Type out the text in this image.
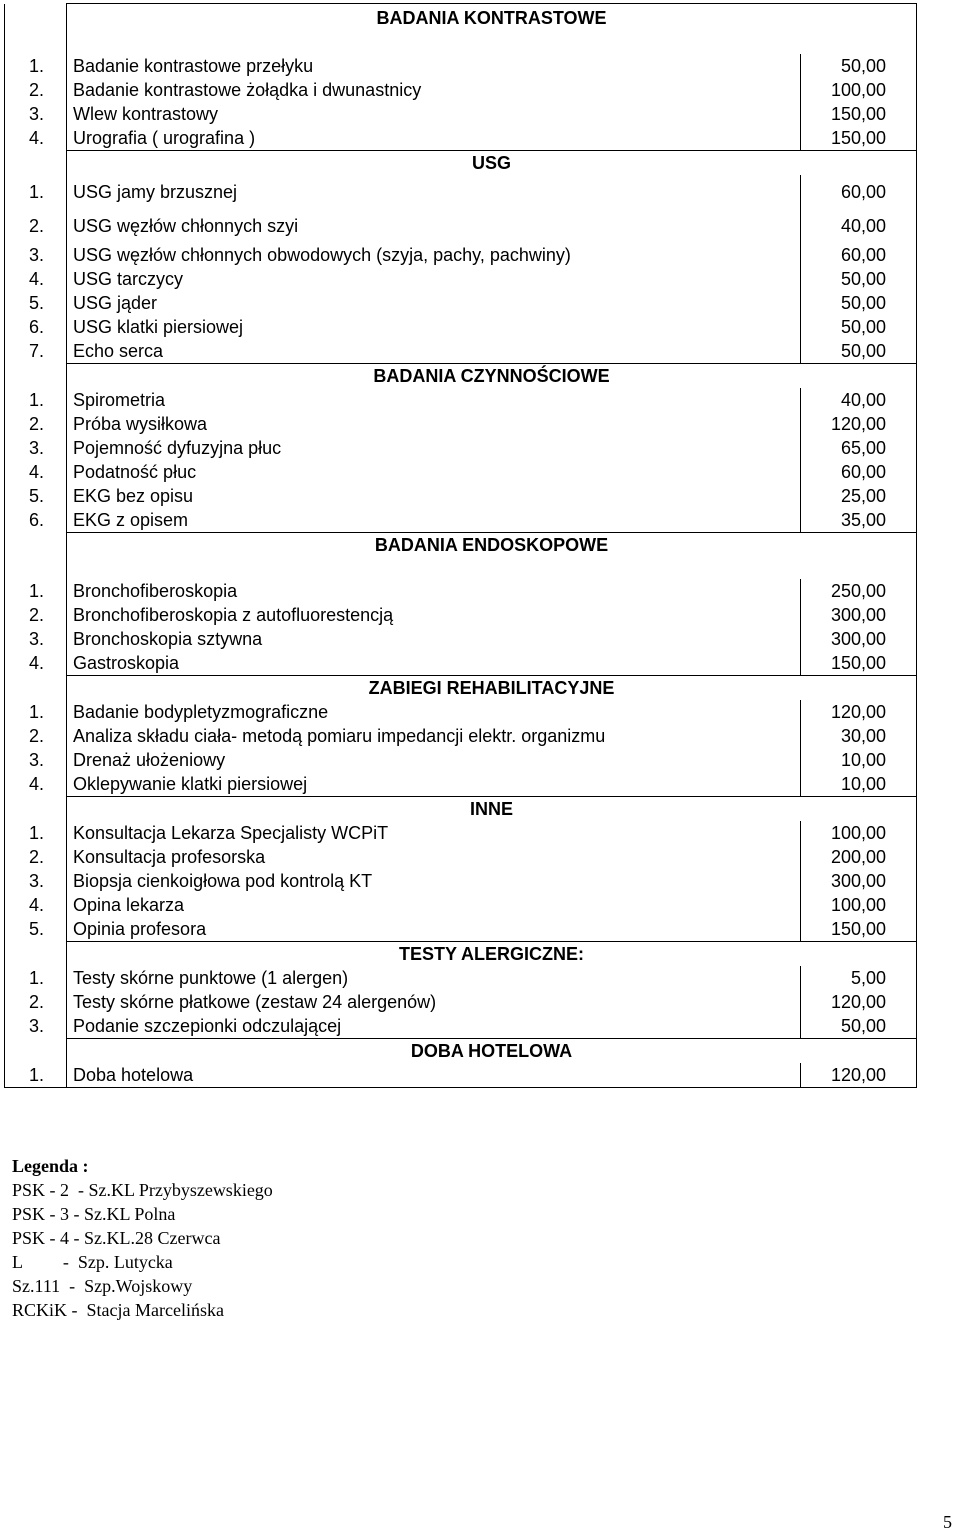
	BADANIA KONTRASTOWE	
1.	Badanie kontrastowe przełyku	50,00
2.	Badanie kontrastowe żołądka i dwunastnicy	100,00
3.	Wlew kontrastowy	150,00
4.	Urografia ( urografina )	150,00
	USG	
1.	USG jamy brzusznej	60,00
2.	USG węzłów chłonnych szyi	40,00
3.	USG węzłów chłonnych obwodowych (szyja, pachy, pachwiny)	60,00
4.	USG tarczycy	50,00
5.	USG jąder	50,00
6.	USG klatki piersiowej	50,00
7.	Echo serca	50,00
	BADANIA CZYNNOŚCIOWE	
1.	Spirometria	40,00
2.	Próba wysiłkowa	120,00
3.	Pojemność dyfuzyjna płuc	65,00
4.	Podatność płuc	60,00
5.	EKG bez opisu	25,00
6.	EKG z opisem	35,00
	BADANIA ENDOSKOPOWE	
1.	Bronchofiberoskopia	250,00
2.	Bronchofiberoskopia z autofluorestencją	300,00
3.	Bronchoskopia sztywna	300,00
4.	Gastroskopia	150,00
	ZABIEGI REHABILITACYJNE	
1.	Badanie bodypletyzmograficzne	120,00
2.	Analiza składu ciała- metodą pomiaru impedancji elektr. organizmu	30,00
3.	Drenaż ułożeniowy	10,00
4.	Oklepywanie klatki piersiowej	10,00
	INNE	
1.	Konsultacja Lekarza Specjalisty WCPiT	100,00
2.	Konsultacja profesorska	200,00
3.	Biopsja cienkoigłowa pod kontrolą KT	300,00
4.	Opina lekarza	100,00
5.	Opinia profesora	150,00
	TESTY ALERGICZNE:	
1.	Testy skórne punktowe (1 alergen)	5,00
2.	Testy skórne płatkowe (zestaw 24 alergenów)	120,00
3.	Podanie szczepionki odczulającej	50,00
	DOBA HOTELOWA	
1.	Doba hotelowa	120,00
Legenda :
PSK - 2  - Sz.KL Przybyszewskiego
PSK - 3 - Sz.KL Polna
PSK - 4 - Sz.KL.28 Czerwca
L         -  Szp. Lutycka
Sz.111  -  Szp.Wojskowy
RCKiK -  Stacja Marcelińska
5
